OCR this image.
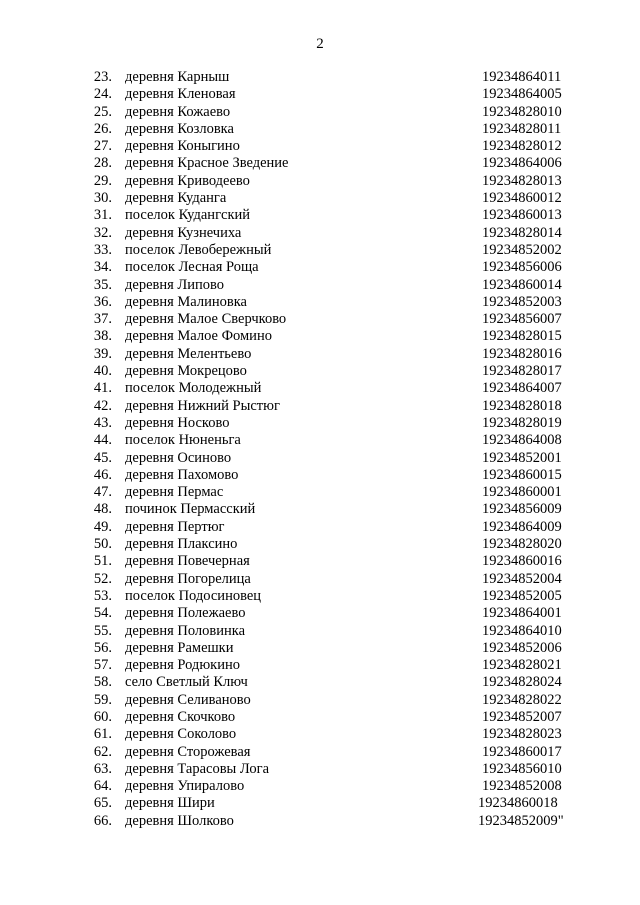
2
23. деревня Карныш	19234864011
24. деревня Кленовая	19234864005
25. деревня Кожаево	19234828010
26. деревня Козловка	19234828011
27. деревня Коныгино	19234828012
28. деревня Красное Зведение	19234864006
29. деревня Криводеево	19234828013
30. деревня Куданга	19234860012
31. поселок Кудангский	19234860013
32. деревня Кузнечиха	19234828014
33. поселок Левобережный	19234852002
34. поселок Лесная Роща	19234856006
35. деревня Липово	19234860014
36. деревня Малиновка	19234852003
37. деревня Малое Сверчково	19234856007
38. деревня Малое Фомино	19234828015
39. деревня Мелентьево	19234828016
40. деревня Мокрецово	19234828017
41. поселок Молодежный	19234864007
42. деревня Нижний Рыстюг	19234828018
43. деревня Носково	19234828019
44. поселок Нюненьга	19234864008
45. деревня Осиново	19234852001
46. деревня Пахомово	19234860015
47. деревня Пермас	19234860001
48. починок Пермасский	19234856009
49. деревня Пертюг	19234864009
50. деревня Плаксино	19234828020
51. деревня Повечерная	19234860016
52. деревня Погорелица	19234852004
53. поселок Подосиновец	19234852005
54. деревня Полежаево	19234864001
55. деревня Половинка	19234864010
56. деревня Рамешки	19234852006
57. деревня Родюкино	19234828021
58. село Светлый Ключ	19234828024
59. деревня Селиваново	19234828022
60. деревня Скочково	19234852007
61. деревня Соколово	19234828023
62. деревня Сторожевая	19234860017
63. деревня Тарасовы Лога	19234856010
64. деревня Упиралово	19234852008
65. деревня Шири	19234860018
66. деревня Шолково	19234852009"
